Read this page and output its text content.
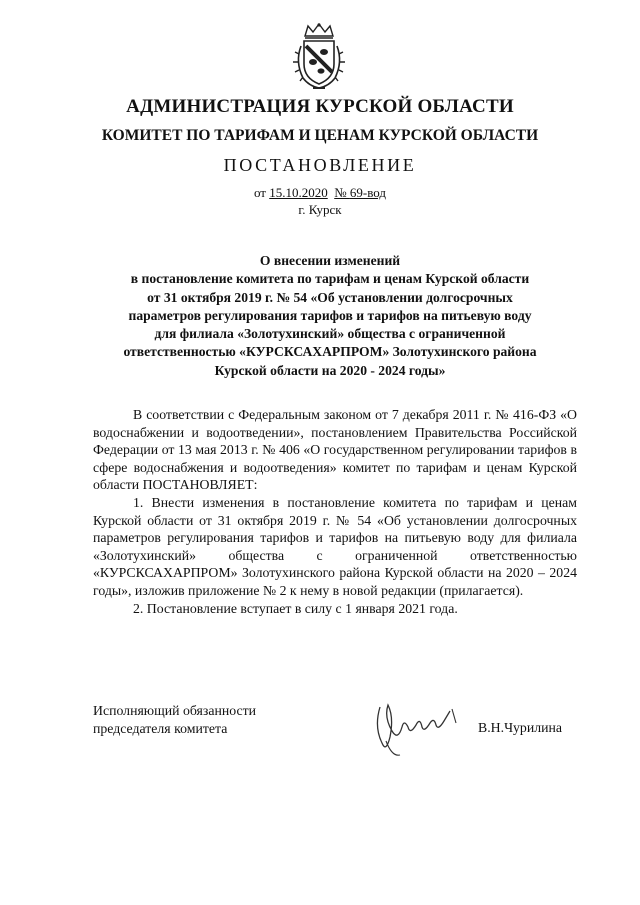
АДМИНИСТРАЦИЯ КУРСКОЙ ОБЛАСТИ
КОМИТЕТ ПО ТАРИФАМ И ЦЕНАМ КУРСКОЙ ОБЛАСТИ
ПОСТАНОВЛЕНИЕ
от 15.10.2020 № 69-вод
г. Курск
О внесении изменений
в постановление комитета по тарифам и ценам Курской области
от 31 октября 2019 г. № 54 «Об установлении долгосрочных
параметров регулирования тарифов и тарифов на питьевую воду
для филиала «Золотухинский» общества с ограниченной
ответственностью «КУРСКСАХАРПРОМ» Золотухинского района
Курской области на 2020 - 2024 годы»

В соответствии с Федеральным законом от 7 декабря 2011 г. № 416-ФЗ «О водоснабжении и водоотведении», постановлением Правительства Российской Федерации от 13 мая 2013 г. № 406 «О государственном регулировании тарифов в сфере водоснабжения и водоотведения» комитет по тарифам и ценам Курской области ПОСТАНОВЛЯЕТ:

1. Внести изменения в постановление комитета по тарифам и ценам Курской области от 31 октября 2019 г. № 54 «Об установлении долгосрочных параметров регулирования тарифов и тарифов на питьевую воду для филиала «Золотухинский» общества с ограниченной ответственностью «КУРСКСАХАРПРОМ» Золотухинского района Курской области на 2020 – 2024 годы», изложив приложение № 2 к нему в новой редакции (прилагается).

2. Постановление вступает в силу с 1 января 2021 года.

Исполняющий обязанности
председателя комитета	В.Н.Чурилина
